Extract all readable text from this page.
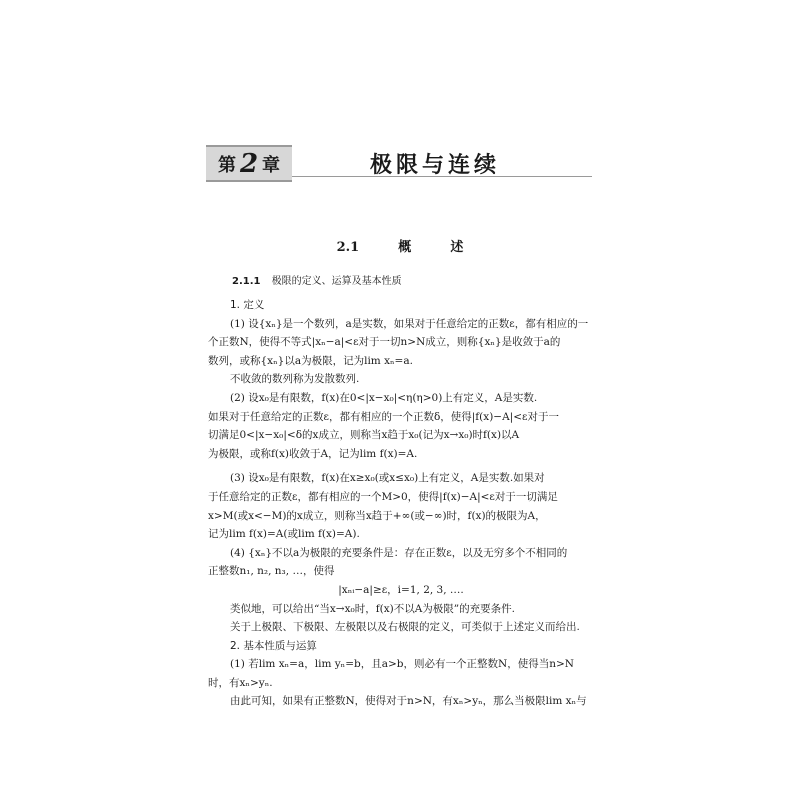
第 2 章	极限与连续
2.1	概	述
2.1.1 极限的定义、运算及基本性质

1. 定义

(1) 设{xₙ}是一个数列，a是实数，如果对于任意给定的正数ε，都有相应的一

个正数N，使得不等式|xₙ−a|<ε对于一切n>N成立，则称{xₙ}是收敛于a的

数列，或称{xₙ}以a为极限，记为lim xₙ=a.

不收敛的数列称为发散数列.

(2) 设x₀是有限数，f(x)在0<|x−x₀|<η(η>0)上有定义，A是实数.

如果对于任意给定的正数ε，都有相应的一个正数δ，使得|f(x)−A|<ε对于一

切满足0<|x−x₀|<δ的x成立，则称当x趋于x₀(记为x→x₀)时f(x)以A

为极限，或称f(x)收敛于A，记为lim f(x)=A.

(3) 设x₀是有限数，f(x)在x≥x₀(或x≤x₀)上有定义，A是实数.如果对

于任意给定的正数ε，都有相应的一个M>0，使得|f(x)−A|<ε对于一切满足

x>M(或x<−M)的x成立，则称当x趋于+∞(或−∞)时，f(x)的极限为A，

记为lim f(x)=A(或lim f(x)=A).

(4) {xₙ}不以a为极限的充要条件是：存在正数ε，以及无穷多个不相同的

正整数n₁, n₂, n₃, …，使得

|xₙᵢ−a|≥ε，i=1, 2, 3, ….

类似地，可以给出“当x→x₀时，f(x)不以A为极限”的充要条件.

关于上极限、下极限、左极限以及右极限的定义，可类似于上述定义而给出.

2. 基本性质与运算

(1) 若lim xₙ=a，lim yₙ=b，且a>b，则必有一个正整数N，使得当n>N

时，有xₙ>yₙ.

由此可知，如果有正整数N，使得对于n>N，有xₙ>yₙ，那么当极限lim xₙ与
